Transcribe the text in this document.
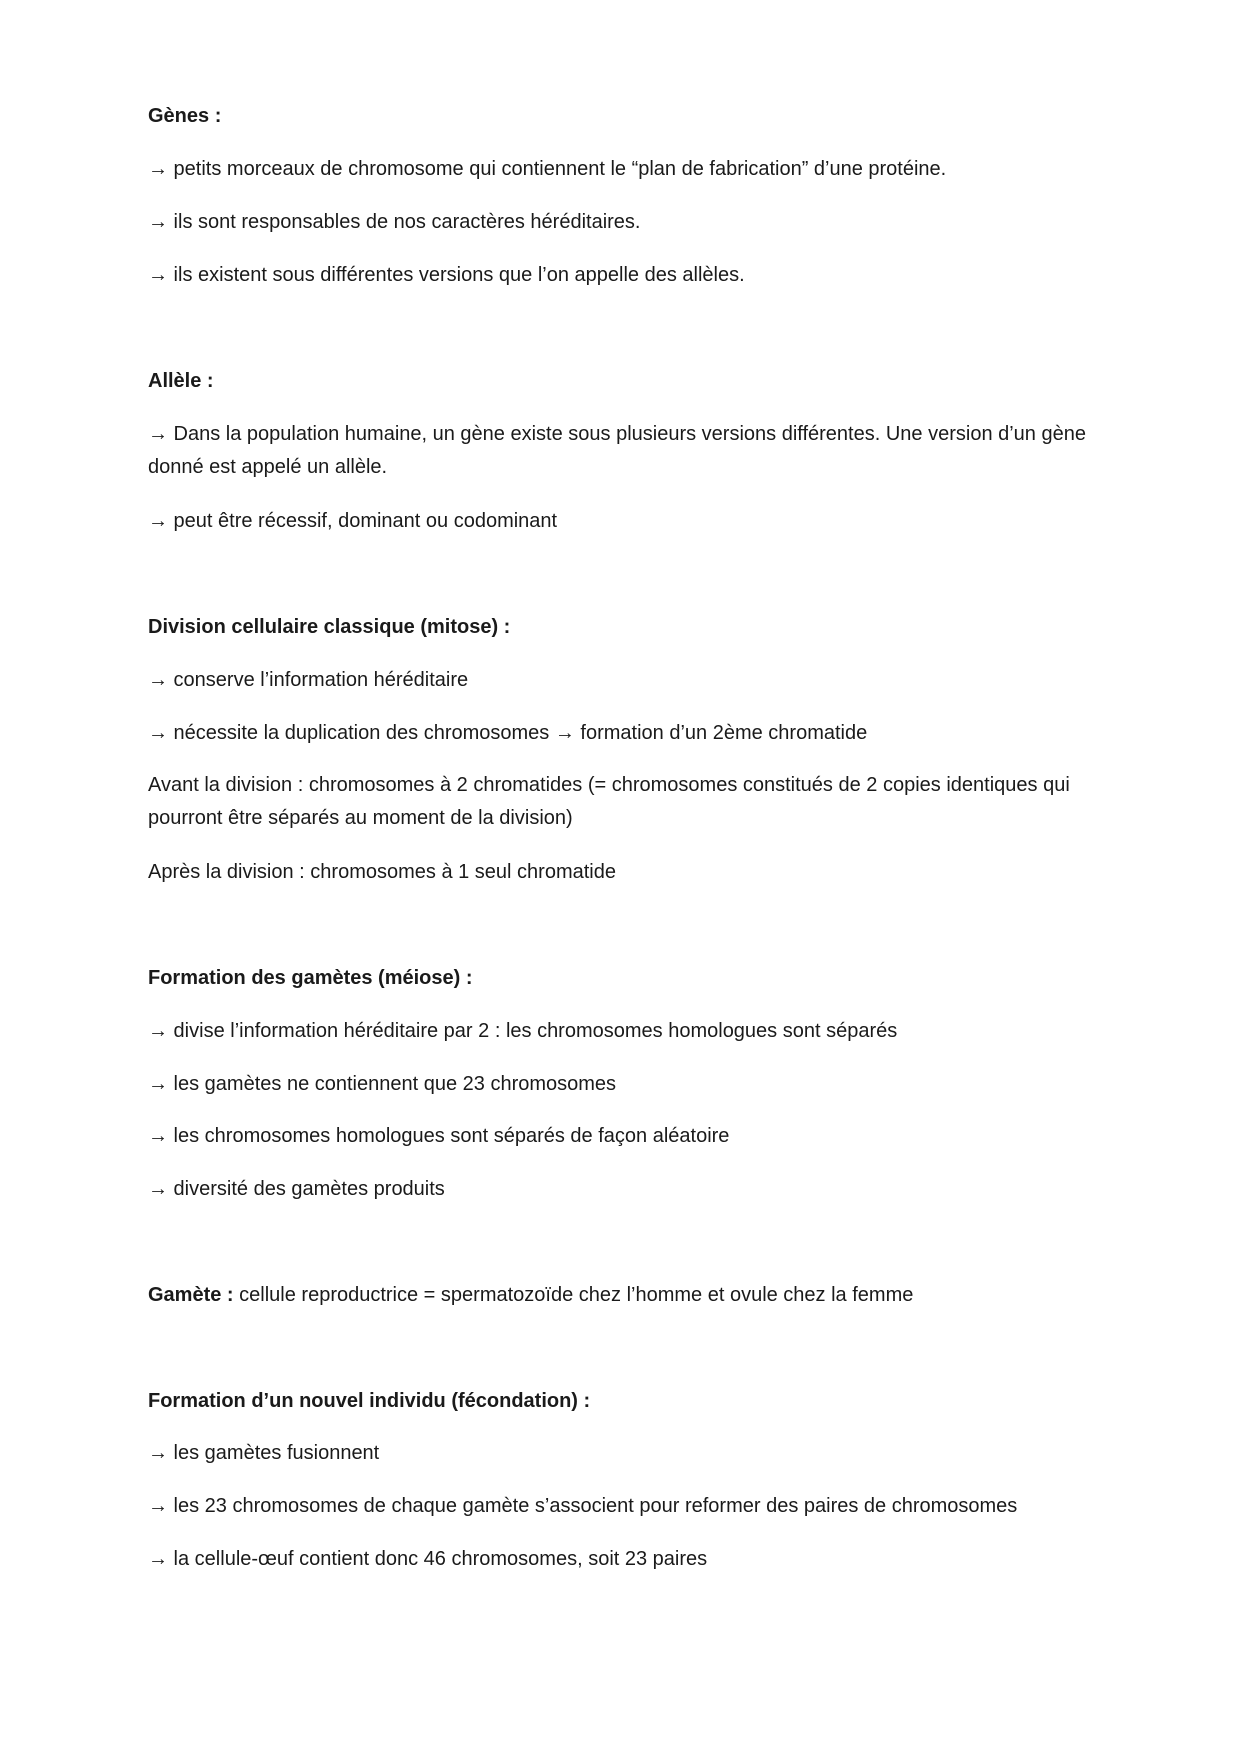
Gènes :
→ petits morceaux de chromosome qui contiennent le “plan de fabrication” d’une protéine.
→ ils sont responsables de nos caractères héréditaires.
→ ils existent sous différentes versions que l’on appelle des allèles.
Allèle :
→ Dans la population humaine, un gène existe sous plusieurs versions différentes. Une version d’un gène donné est appelé un allèle.
→ peut être récessif, dominant ou codominant
Division cellulaire classique (mitose) :
→ conserve l’information héréditaire
→ nécessite la duplication des chromosomes → formation d’un 2ème chromatide
Avant la division : chromosomes à 2 chromatides (= chromosomes constitués de 2 copies identiques qui pourront être séparés au moment de la division)
Après la division : chromosomes à 1 seul chromatide
Formation des gamètes (méiose) :
→ divise l’information héréditaire par 2 : les chromosomes homologues sont séparés
→ les gamètes ne contiennent que 23 chromosomes
→ les chromosomes homologues sont séparés de façon aléatoire
→ diversité des gamètes produits
Gamète : cellule reproductrice = spermatozoïde chez l’homme et ovule chez la femme
Formation d’un nouvel individu (fécondation) :
→ les gamètes fusionnent
→ les 23 chromosomes de chaque gamète s’associent pour reformer des paires de chromosomes
→ la cellule-œuf contient donc 46 chromosomes, soit 23 paires
